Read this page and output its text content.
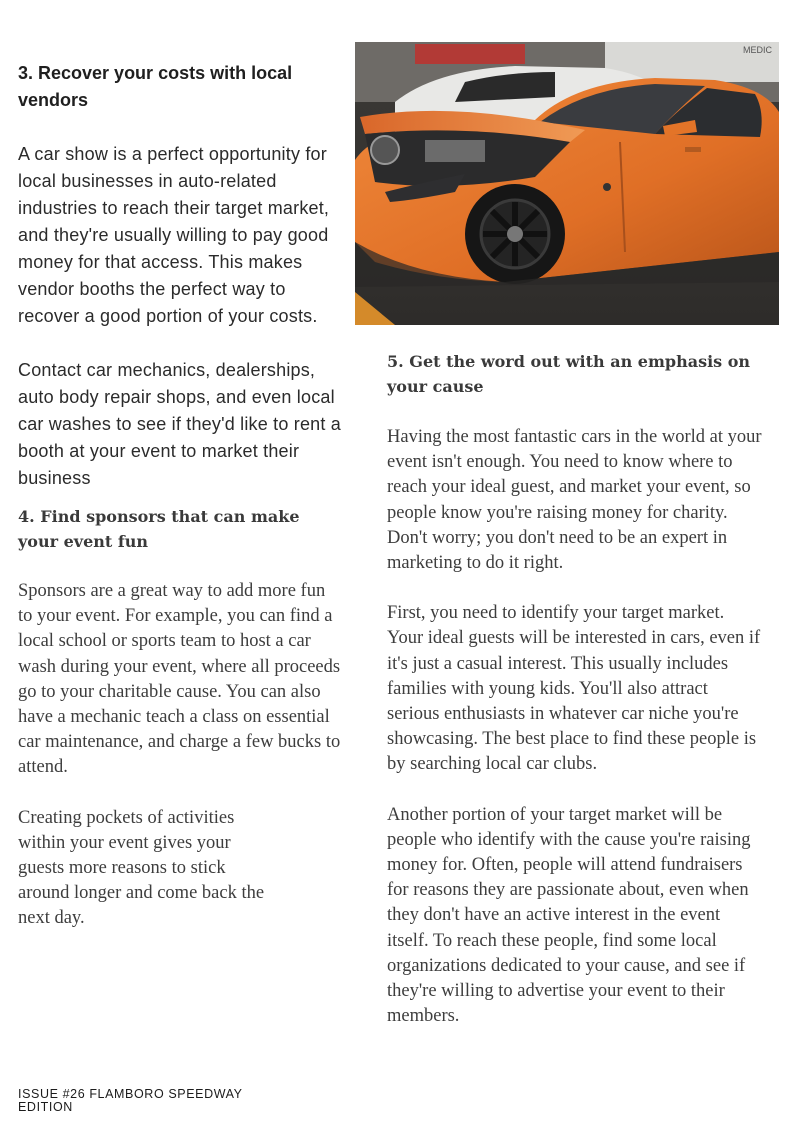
3. Recover your costs with local vendors

A car show is a perfect opportunity for local businesses in auto-related industries to reach their target market, and they're usually willing to pay good money for that access. This makes vendor booths the perfect way to recover a good portion of your costs.

Contact car mechanics, dealerships, auto body repair shops, and even local car washes to see if they'd like to rent a booth at your event to market their business

4. Find sponsors that can make your event fun

Sponsors are a great way to add more fun to your event. For example, you can find a local school or sports team to host a car wash during your event, where all proceeds go to your charitable cause. You can also have a mechanic teach a class on essential car maintenance, and charge a few bucks to attend.

Creating pockets of activities within your event gives your guests more reasons to stick around longer and come back the next day.

MEDIC
5. Get the word out with an emphasis on your cause

Having the most fantastic cars in the world at your event isn't enough. You need to know where to reach your ideal guest, and market your event, so people know you're raising money for charity. Don't worry; you don't need to be an expert in marketing to do it right.

First, you need to identify your target market. Your ideal guests will be interested in cars, even if it's just a casual interest. This usually includes families with young kids. You'll also attract serious enthusiasts in whatever car niche you're showcasing. The best place to find these people is by searching local car clubs.

Another portion of your target market will be people who identify with the cause you're raising money for. Often, people will attend fundraisers for reasons they are passionate about, even when they don't have an active interest in the event itself. To reach these people, find some local organizations dedicated to your cause, and see if they're willing to advertise your event to their members.

ISSUE #26 FLAMBORO SPEEDWAY EDITION
